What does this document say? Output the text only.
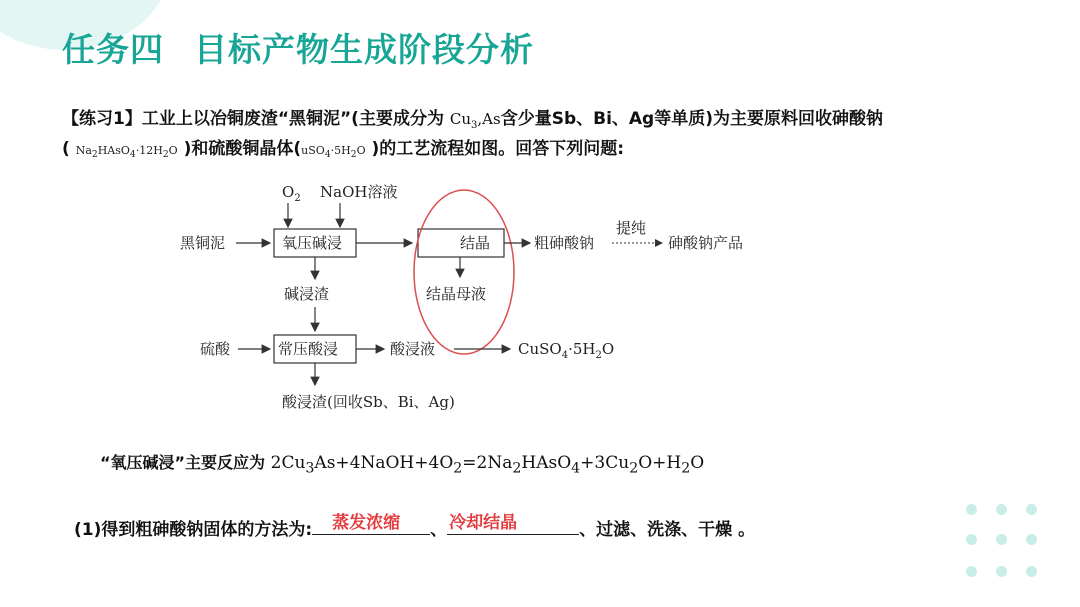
任务四 目标产物生成阶段分析
【练习1】工业上以冶铜废渣“黑铜泥”(主要成分为 $Cu_3,As$含少量Sb、Bi、Ag等单质)为主要原料回收砷酸钠
( $Na_2HAsO_4\cdot 12H_2O$ )和硫酸铜晶体($uSO_4\cdot 5H_2O$ )的工艺流程如图。回答下列问题:
$O_2$ NaOH溶液
黑铜泥	氧压碱浸	结晶
结晶母液
粗砷酸钠
提纯
砷酸钠产品
碱浸渣
硫酸	常压酸浸	酸浸液	$CuSO_4\cdot 5H_2O$
酸浸渣(回收Sb、Bi、Ag)
“氧压碱浸”主要反应为 $2Cu_3As+4NaOH+4O_2=2Na_2HAsO_4+3Cu_2O+H_2O$
(1)得到粗砷酸钠固体的方法为: 蒸发浓缩 、 冷却结晶	、过滤、洗涤、干燥 。
